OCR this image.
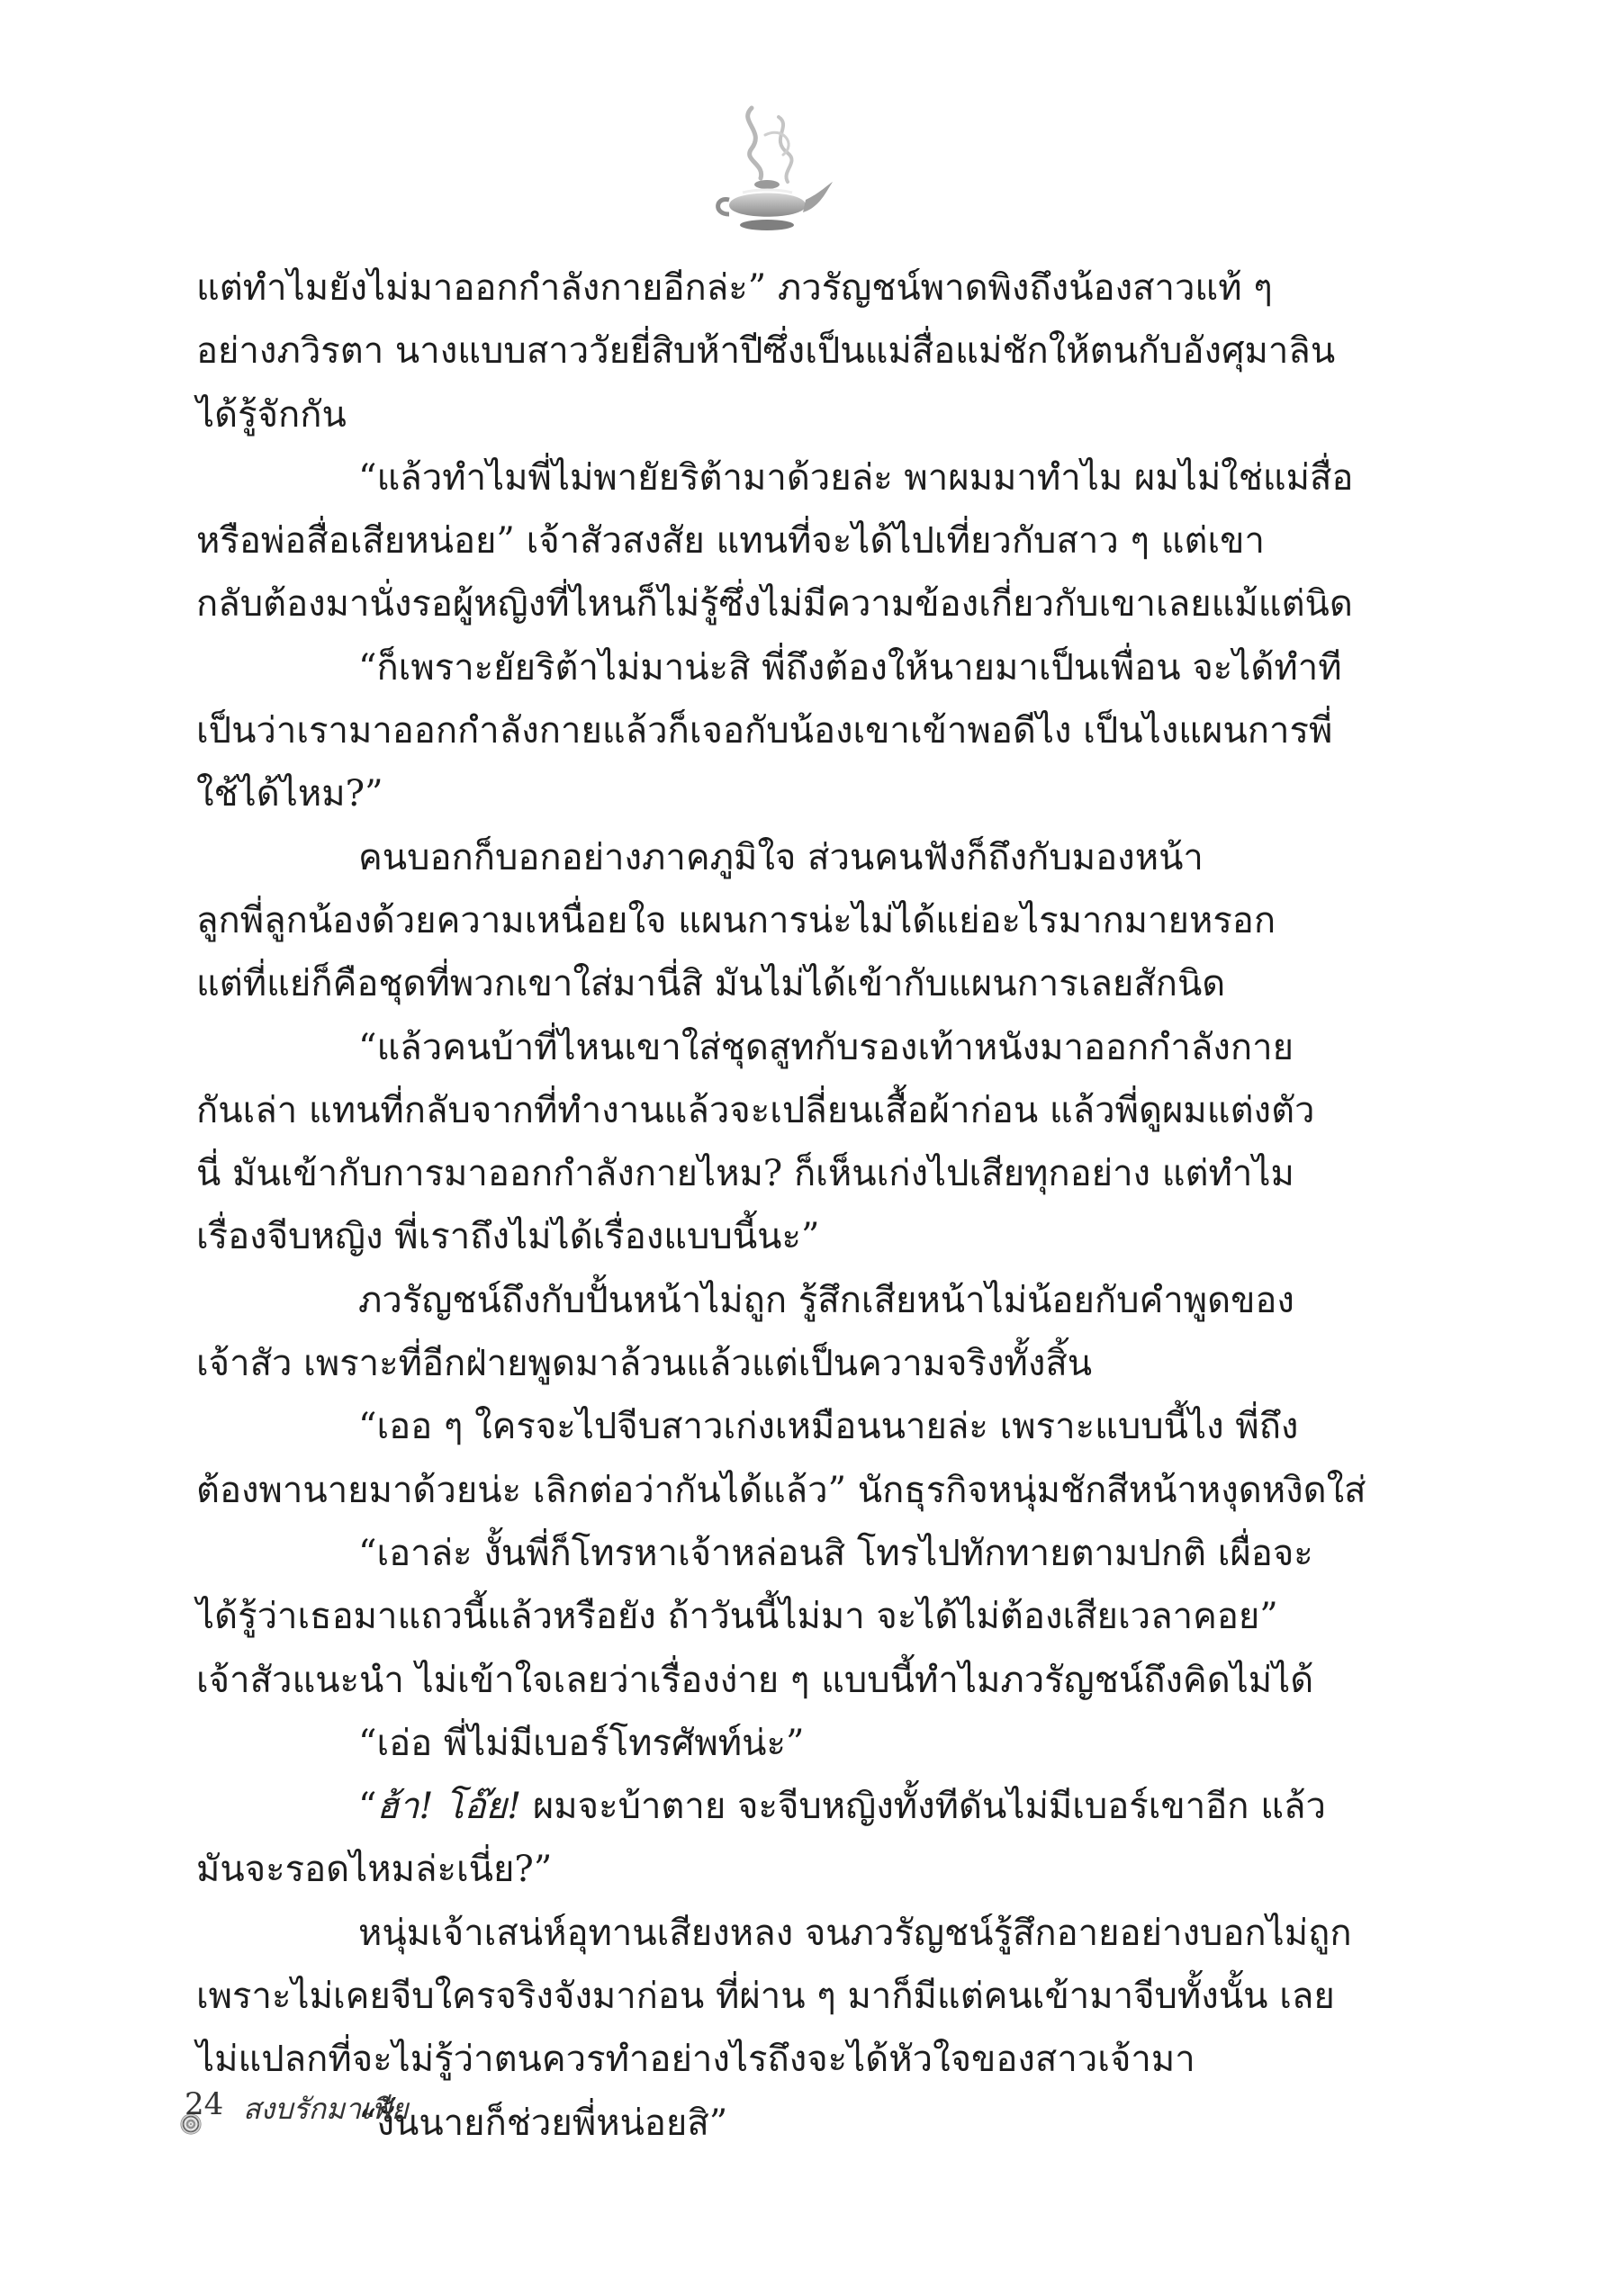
แต่ทำไมยังไม่มาออกกำลังกายอีกล่ะ” ภวรัญชน์พาดพิงถึงน้องสาวแท้ ๆ
อย่างภวิรตา นางแบบสาววัยยี่สิบห้าปีซึ่งเป็นแม่สื่อแม่ชักให้ตนกับอังศุมาลิน
ได้รู้จักกัน

“แล้วทำไมพี่ไม่พายัยริต้ามาด้วยล่ะ พาผมมาทำไม ผมไม่ใช่แม่สื่อ
หรือพ่อสื่อเสียหน่อย” เจ้าสัวสงสัย แทนที่จะได้ไปเที่ยวกับสาว ๆ แต่เขา
กลับต้องมานั่งรอผู้หญิงที่ไหนก็ไม่รู้ซึ่งไม่มีความข้องเกี่ยวกับเขาเลยแม้แต่นิด

“ก็เพราะยัยริต้าไม่มาน่ะสิ พี่ถึงต้องให้นายมาเป็นเพื่อน จะได้ทำที
เป็นว่าเรามาออกกำลังกายแล้วก็เจอกับน้องเขาเข้าพอดีไง เป็นไงแผนการพี่
ใช้ได้ไหม?”

คนบอกก็บอกอย่างภาคภูมิใจ ส่วนคนฟังก็ถึงกับมองหน้า
ลูกพี่ลูกน้องด้วยความเหนื่อยใจ แผนการน่ะไม่ได้แย่อะไรมากมายหรอก
แต่ที่แย่ก็คือชุดที่พวกเขาใส่มานี่สิ มันไม่ได้เข้ากับแผนการเลยสักนิด

“แล้วคนบ้าที่ไหนเขาใส่ชุดสูทกับรองเท้าหนังมาออกกำลังกาย
กันเล่า แทนที่กลับจากที่ทำงานแล้วจะเปลี่ยนเสื้อผ้าก่อน แล้วพี่ดูผมแต่งตัว
นี่ มันเข้ากับการมาออกกำลังกายไหม? ก็เห็นเก่งไปเสียทุกอย่าง แต่ทำไม
เรื่องจีบหญิง พี่เราถึงไม่ได้เรื่องแบบนี้นะ”

ภวรัญชน์ถึงกับปั้นหน้าไม่ถูก รู้สึกเสียหน้าไม่น้อยกับคำพูดของ
เจ้าสัว เพราะที่อีกฝ่ายพูดมาล้วนแล้วแต่เป็นความจริงทั้งสิ้น

“เออ ๆ ใครจะไปจีบสาวเก่งเหมือนนายล่ะ เพราะแบบนี้ไง พี่ถึง
ต้องพานายมาด้วยน่ะ เลิกต่อว่ากันได้แล้ว” นักธุรกิจหนุ่มชักสีหน้าหงุดหงิดใส่

“เอาล่ะ งั้นพี่ก็โทรหาเจ้าหล่อนสิ โทรไปทักทายตามปกติ เผื่อจะ
ได้รู้ว่าเธอมาแถวนี้แล้วหรือยัง ถ้าวันนี้ไม่มา จะได้ไม่ต้องเสียเวลาคอย”
เจ้าสัวแนะนำ ไม่เข้าใจเลยว่าเรื่องง่าย ๆ แบบนี้ทำไมภวรัญชน์ถึงคิดไม่ได้

“เอ่อ พี่ไม่มีเบอร์โทรศัพท์น่ะ”

“ฮ้า! โอ๊ย! ผมจะบ้าตาย จะจีบหญิงทั้งทีดันไม่มีเบอร์เขาอีก แล้ว
มันจะรอดไหมล่ะเนี่ย?”

หนุ่มเจ้าเสน่ห์อุทานเสียงหลง จนภวรัญชน์รู้สึกอายอย่างบอกไม่ถูก
เพราะไม่เคยจีบใครจริงจังมาก่อน ที่ผ่าน ๆ มาก็มีแต่คนเข้ามาจีบทั้งนั้น เลย
ไม่แปลกที่จะไม่รู้ว่าตนควรทำอย่างไรถึงจะได้หัวใจของสาวเจ้ามา

“งั้นนายก็ช่วยพี่หน่อยสิ”

24 สงบรักมาเฟีย
